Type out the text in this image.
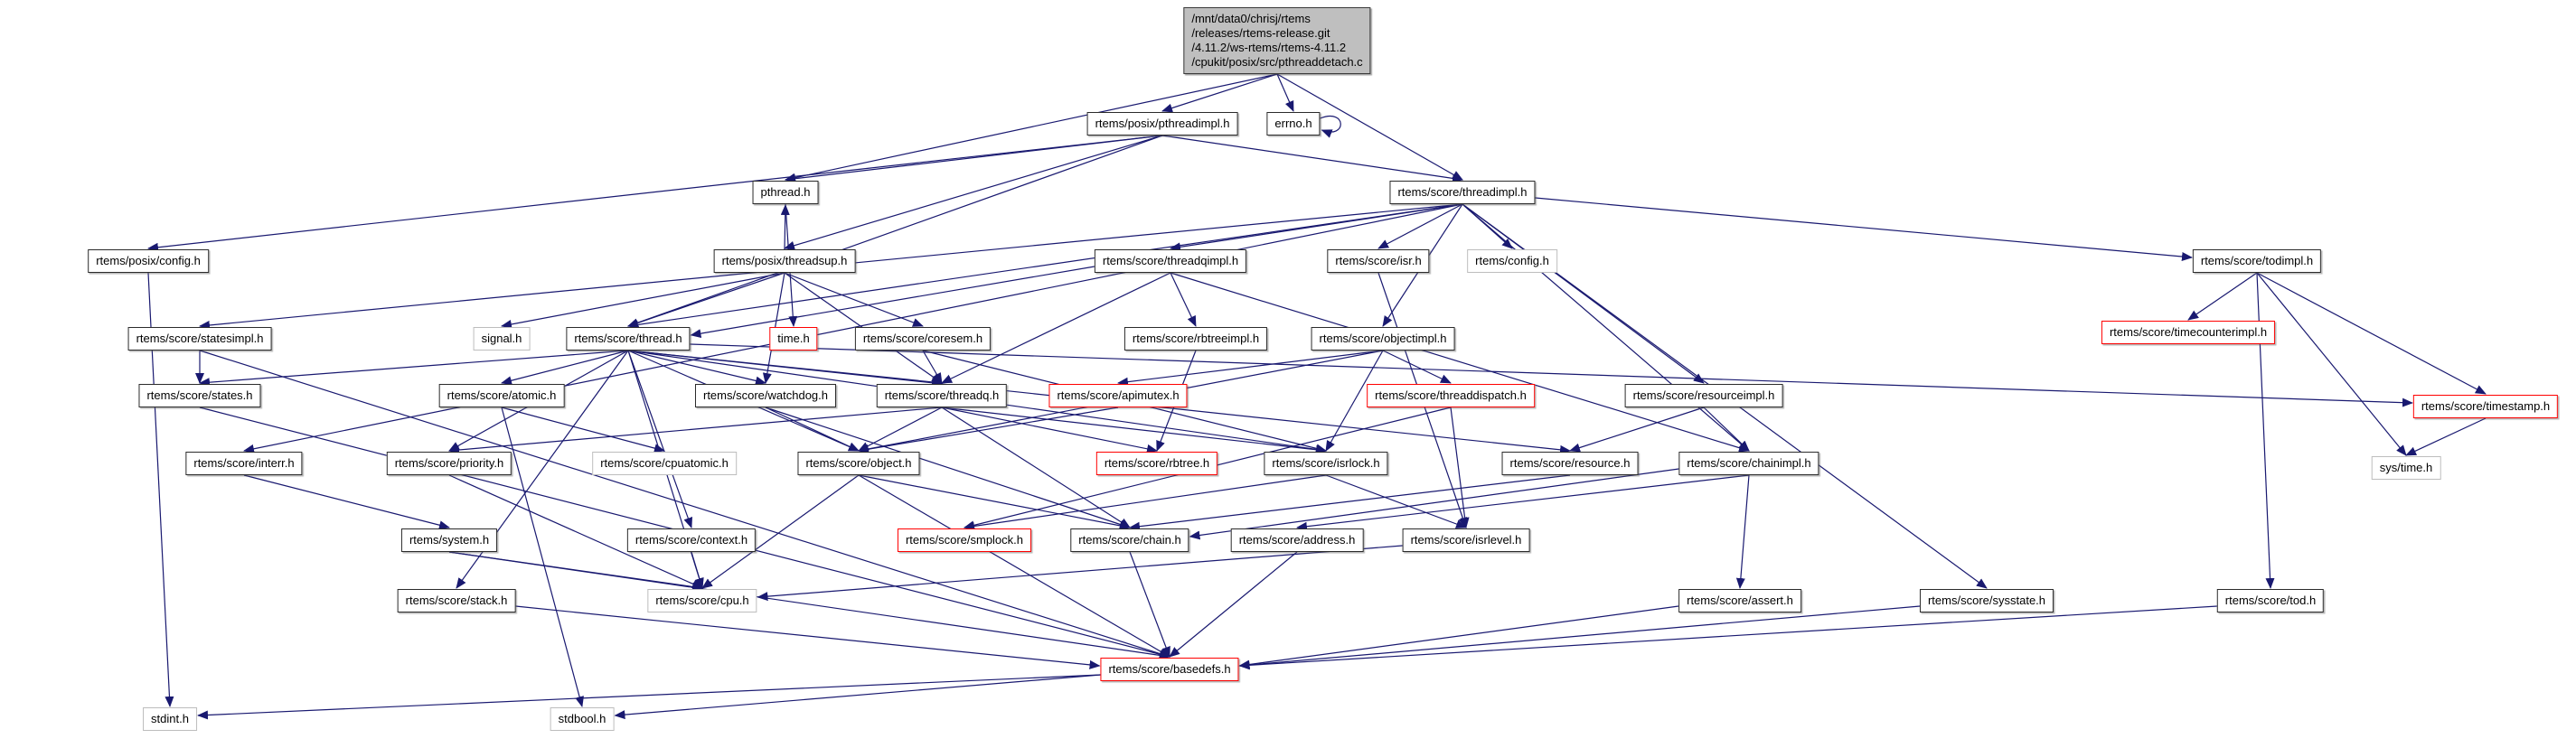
/mnt/data0/chrisj/rtems
/releases/rtems-release.git
/4.11.2/ws-rtems/rtems-4.11.2
/cpukit/posix/src/pthreaddetach.c
rtems/posix/pthreadimpl.h	errno.h
pthread.h	rtems/score/threadimpl.h
rtems/posix/config.h	rtems/posix/threadsup.h	rtems/score/threadqimpl.h	rtems/score/isr.h	rtems/config.h	rtems/score/todimpl.h
rtems/score/statesimpl.h	signal.h	rtems/score/thread.h	time.h	rtems/score/coresem.h	rtems/score/rbtreeimpl.h	rtems/score/objectimpl.h	rtems/score/timecounterimpl.h
rtems/score/states.h	rtems/score/atomic.h	rtems/score/watchdog.h	rtems/score/threadq.h	rtems/score/apimutex.h	rtems/score/threaddispatch.h	rtems/score/resourceimpl.h
rtems/score/timestamp.h
rtems/score/interr.h	rtems/score/priority.h	rtems/score/cpuatomic.h	rtems/score/object.h	rtems/score/rbtree.h	rtems/score/isrlock.h	rtems/score/resource.h	rtems/score/chainimpl.h	sys/time.h
rtems/system.h	rtems/score/context.h	rtems/score/smplock.h	rtems/score/chain.h	rtems/score/address.h	rtems/score/isrlevel.h
rtems/score/stack.h	rtems/score/cpu.h	rtems/score/assert.h	rtems/score/sysstate.h	rtems/score/tod.h
rtems/score/basedefs.h
stdint.h	stdbool.h
